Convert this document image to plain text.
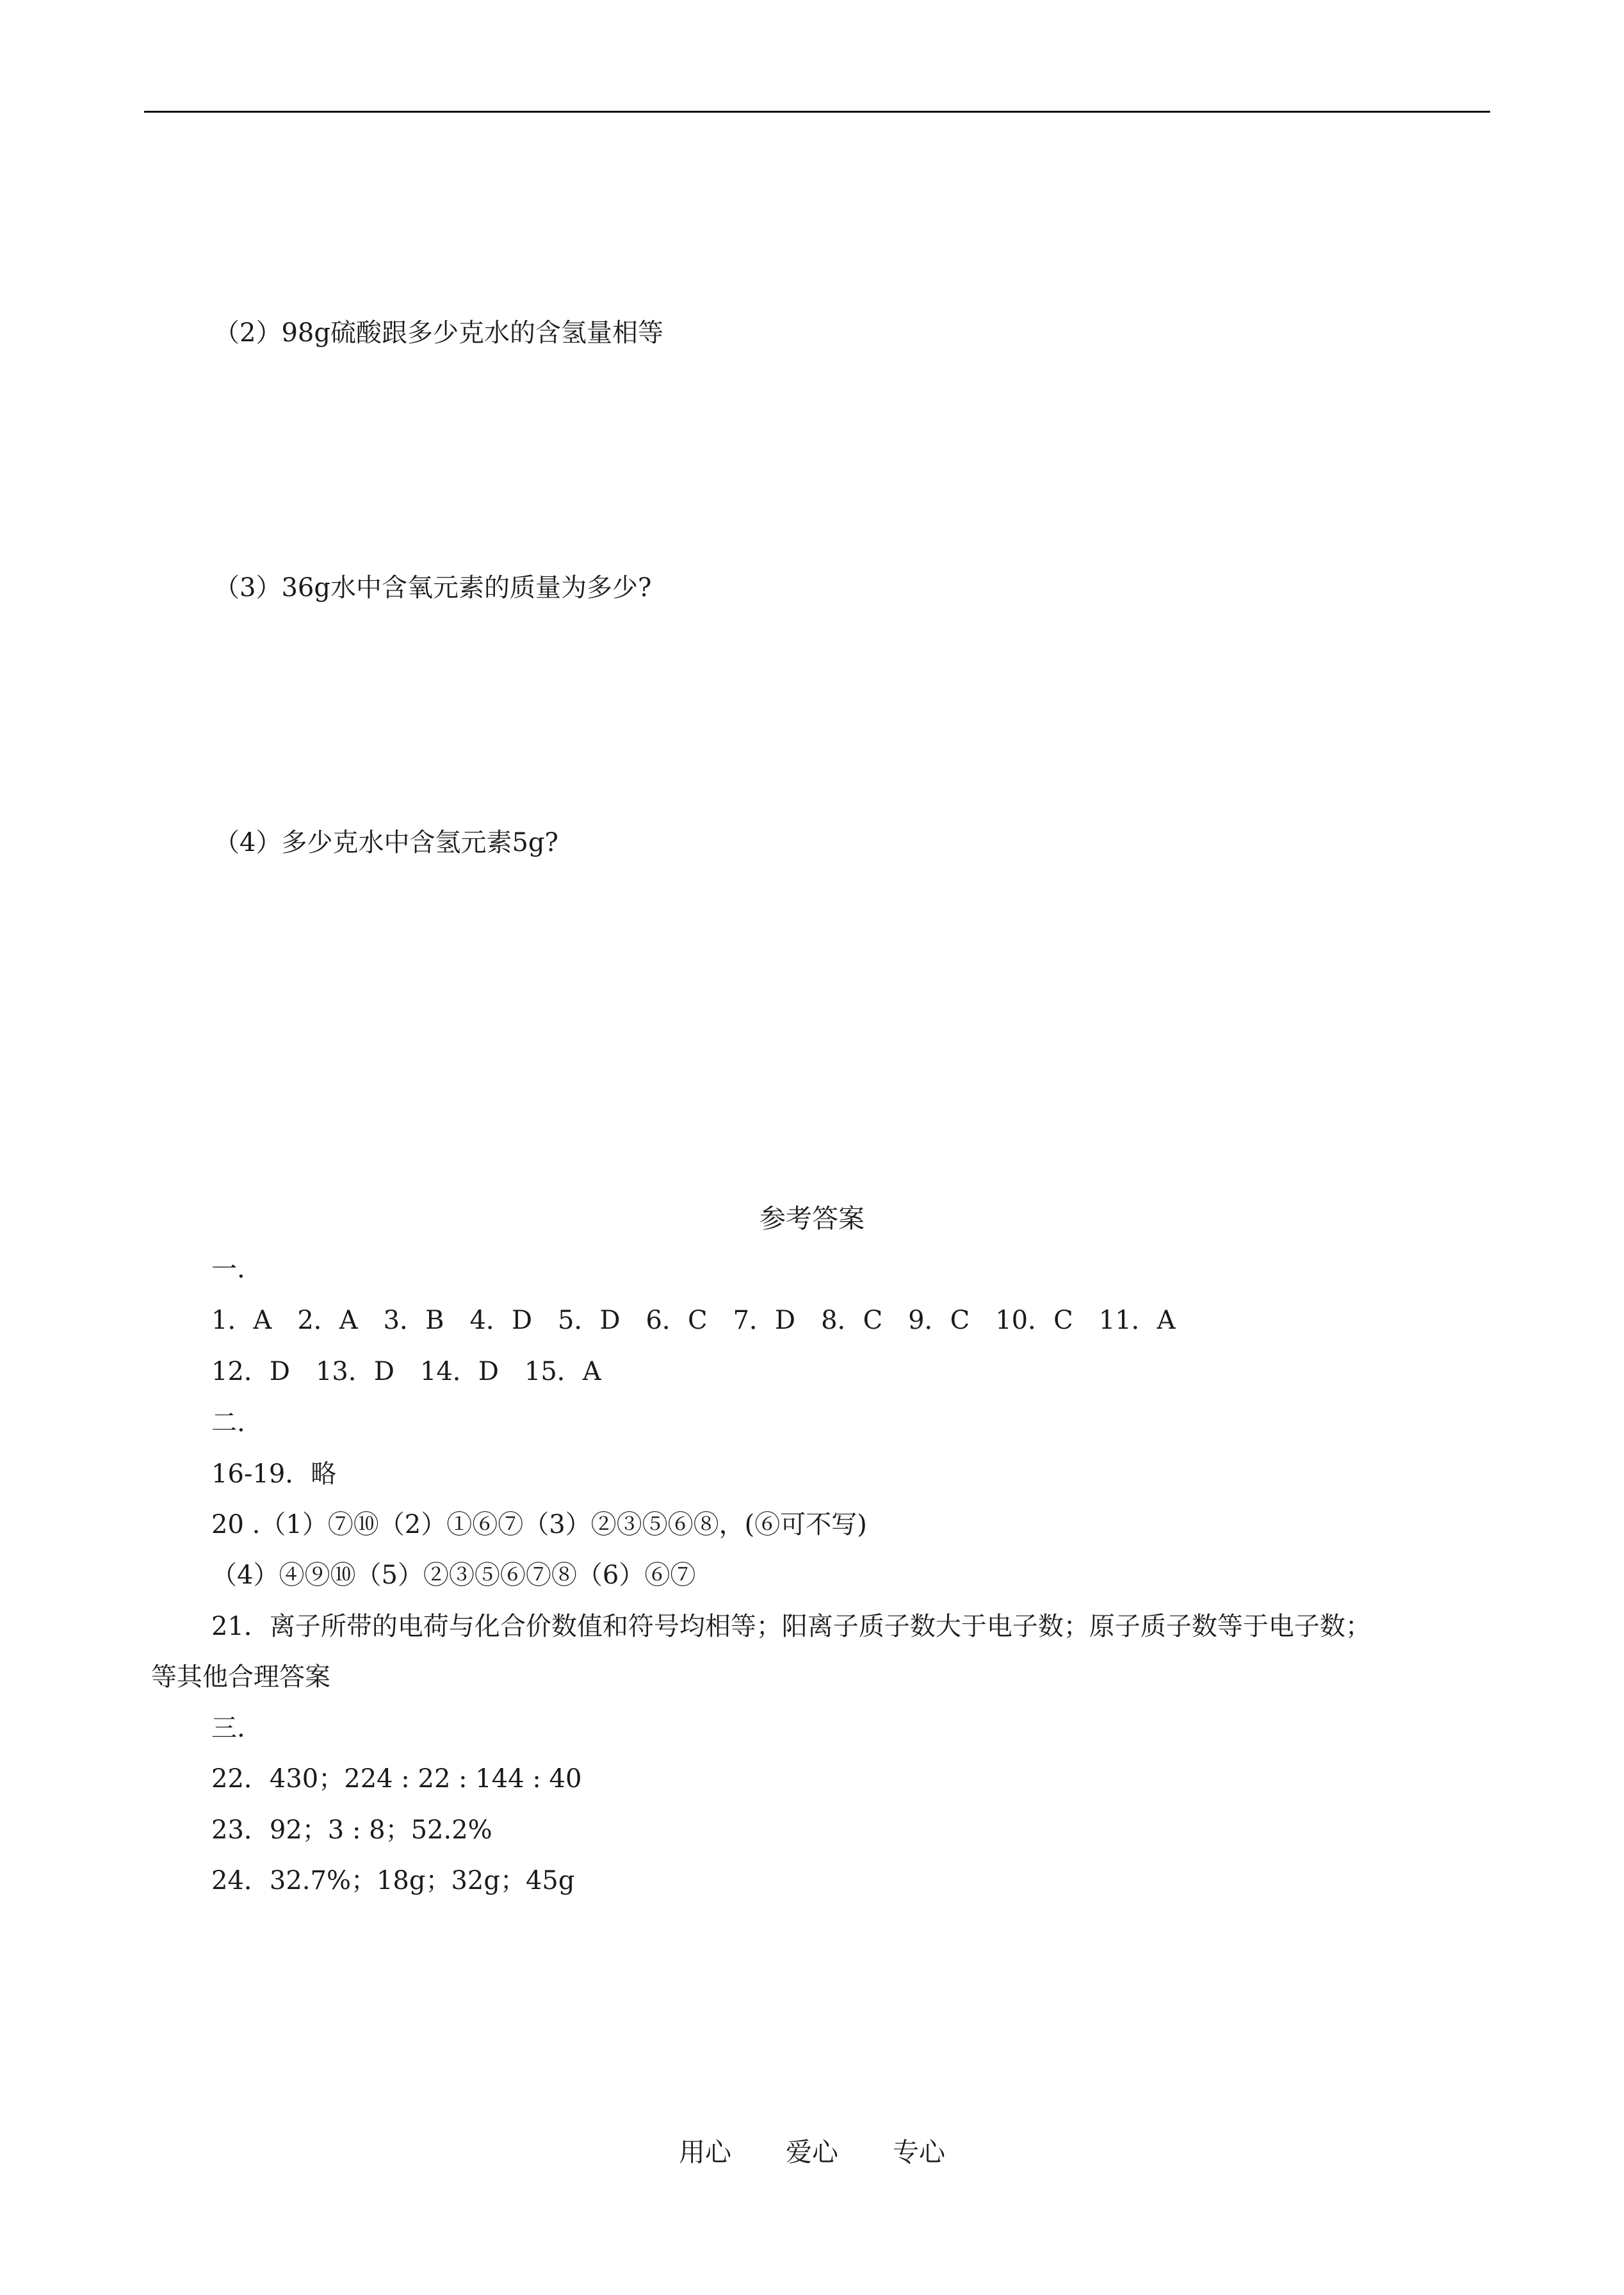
（2）98g硫酸跟多少克水的含氢量相等
（3）36g水中含氧元素的质量为多少?
（4）多少克水中含氢元素5g?
参考答案
一.
1．A　2．A　3．B　4．D　5．D　6．C　7．D　8．C　9．C　10．C　11．A
12．D　13．D　14．D　15．A
二.
16-19．略
20 .（1）⑦⑩（2）①⑥⑦（3）②③⑤⑥⑧，(⑥可不写)
（4）④⑨⑩（5）②③⑤⑥⑦⑧（6）⑥⑦
21．离子所带的电荷与化合价数值和符号均相等；阳离子质子数大于电子数；原子质子数等于电子数；
等其他合理答案
三.
22．430；224 : 22 : 144 : 40
23．92；3 : 8；52.2%
24．32.7%；18g；32g；45g
用心 爱心 专心
